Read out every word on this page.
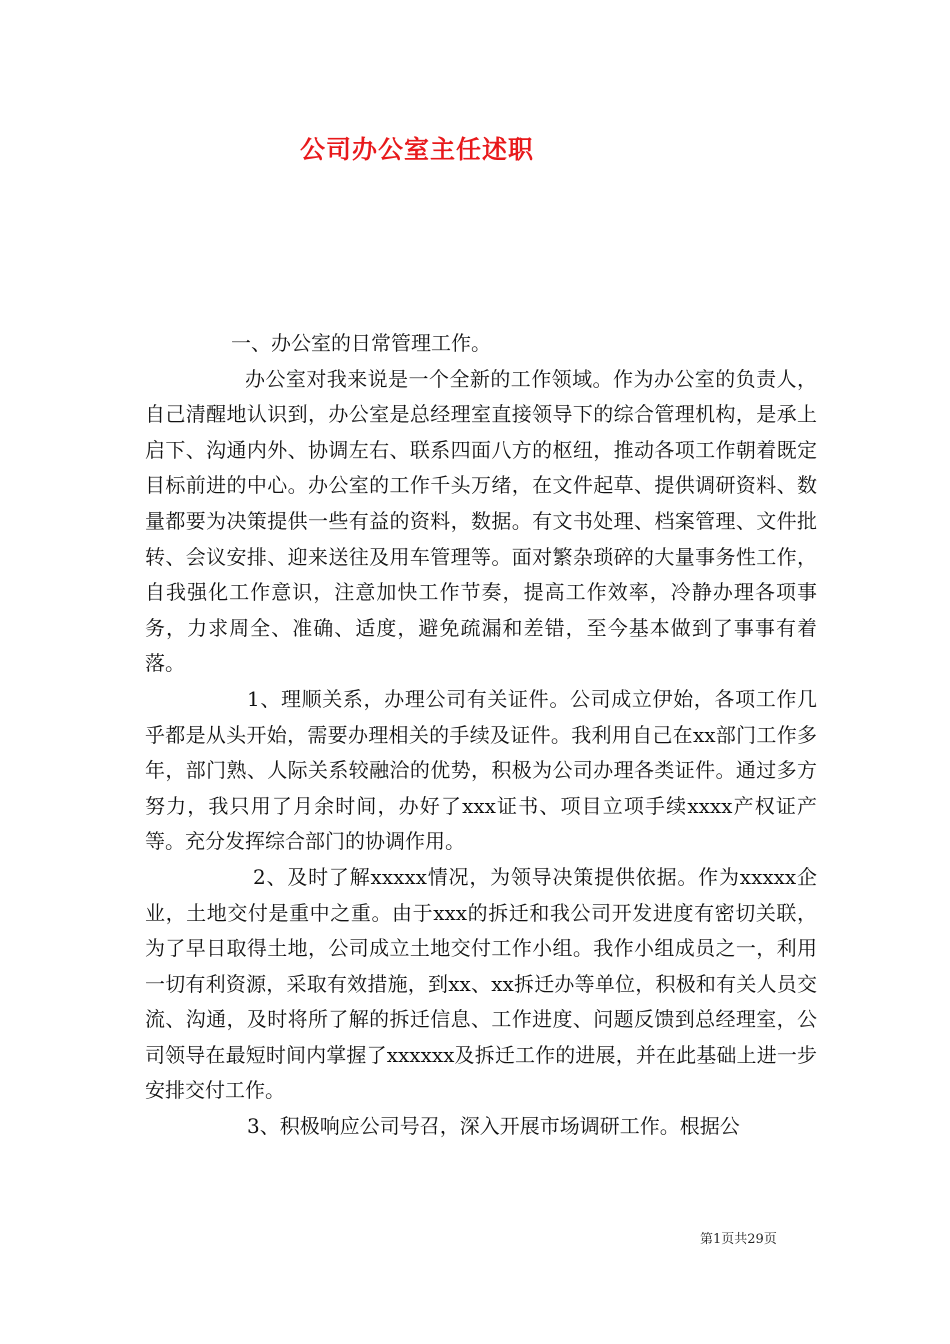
公司办公室主任述职

一、办公室的日常管理工作。

办公室对我来说是一个全新的工作领域。作为办公室的负责人，自己清醒地认识到，办公室是总经理室直接领导下的综合管理机构，是承上启下、沟通内外、协调左右、联系四面八方的枢纽，推动各项工作朝着既定目标前进的中心。办公室的工作千头万绪，在文件起草、提供调研资料、数量都要为决策提供一些有益的资料，数据。有文书处理、档案管理、文件批转、会议安排、迎来送往及用车管理等。面对繁杂琐碎的大量事务性工作，自我强化工作意识，注意加快工作节奏，提高工作效率，冷静办理各项事务，力求周全、准确、适度，避免疏漏和差错，至今基本做到了事事有着落。

1、理顺关系，办理公司有关证件。公司成立伊始，各项工作几乎都是从头开始，需要办理相关的手续及证件。我利用自己在xx部门工作多年，部门熟、人际关系较融洽的优势，积极为公司办理各类证件。通过多方努力，我只用了月余时间，办好了xxx证书、项目立项手续xxxx产权证产等。充分发挥综合部门的协调作用。

2、及时了解xxxxx情况，为领导决策提供依据。作为xxxxx企业，土地交付是重中之重。由于xxx的拆迁和我公司开发进度有密切关联，为了早日取得土地，公司成立土地交付工作小组。我作小组成员之一，利用一切有利资源，采取有效措施，到xx、xx拆迁办等单位，积极和有关人员交流、沟通，及时将所了解的拆迁信息、工作进度、问题反馈到总经理室，公司领导在最短时间内掌握了xxxxxx及拆迁工作的进展，并在此基础上进一步安排交付工作。

3、积极响应公司号召，深入开展市场调研工作。根据公

第1页共29页
